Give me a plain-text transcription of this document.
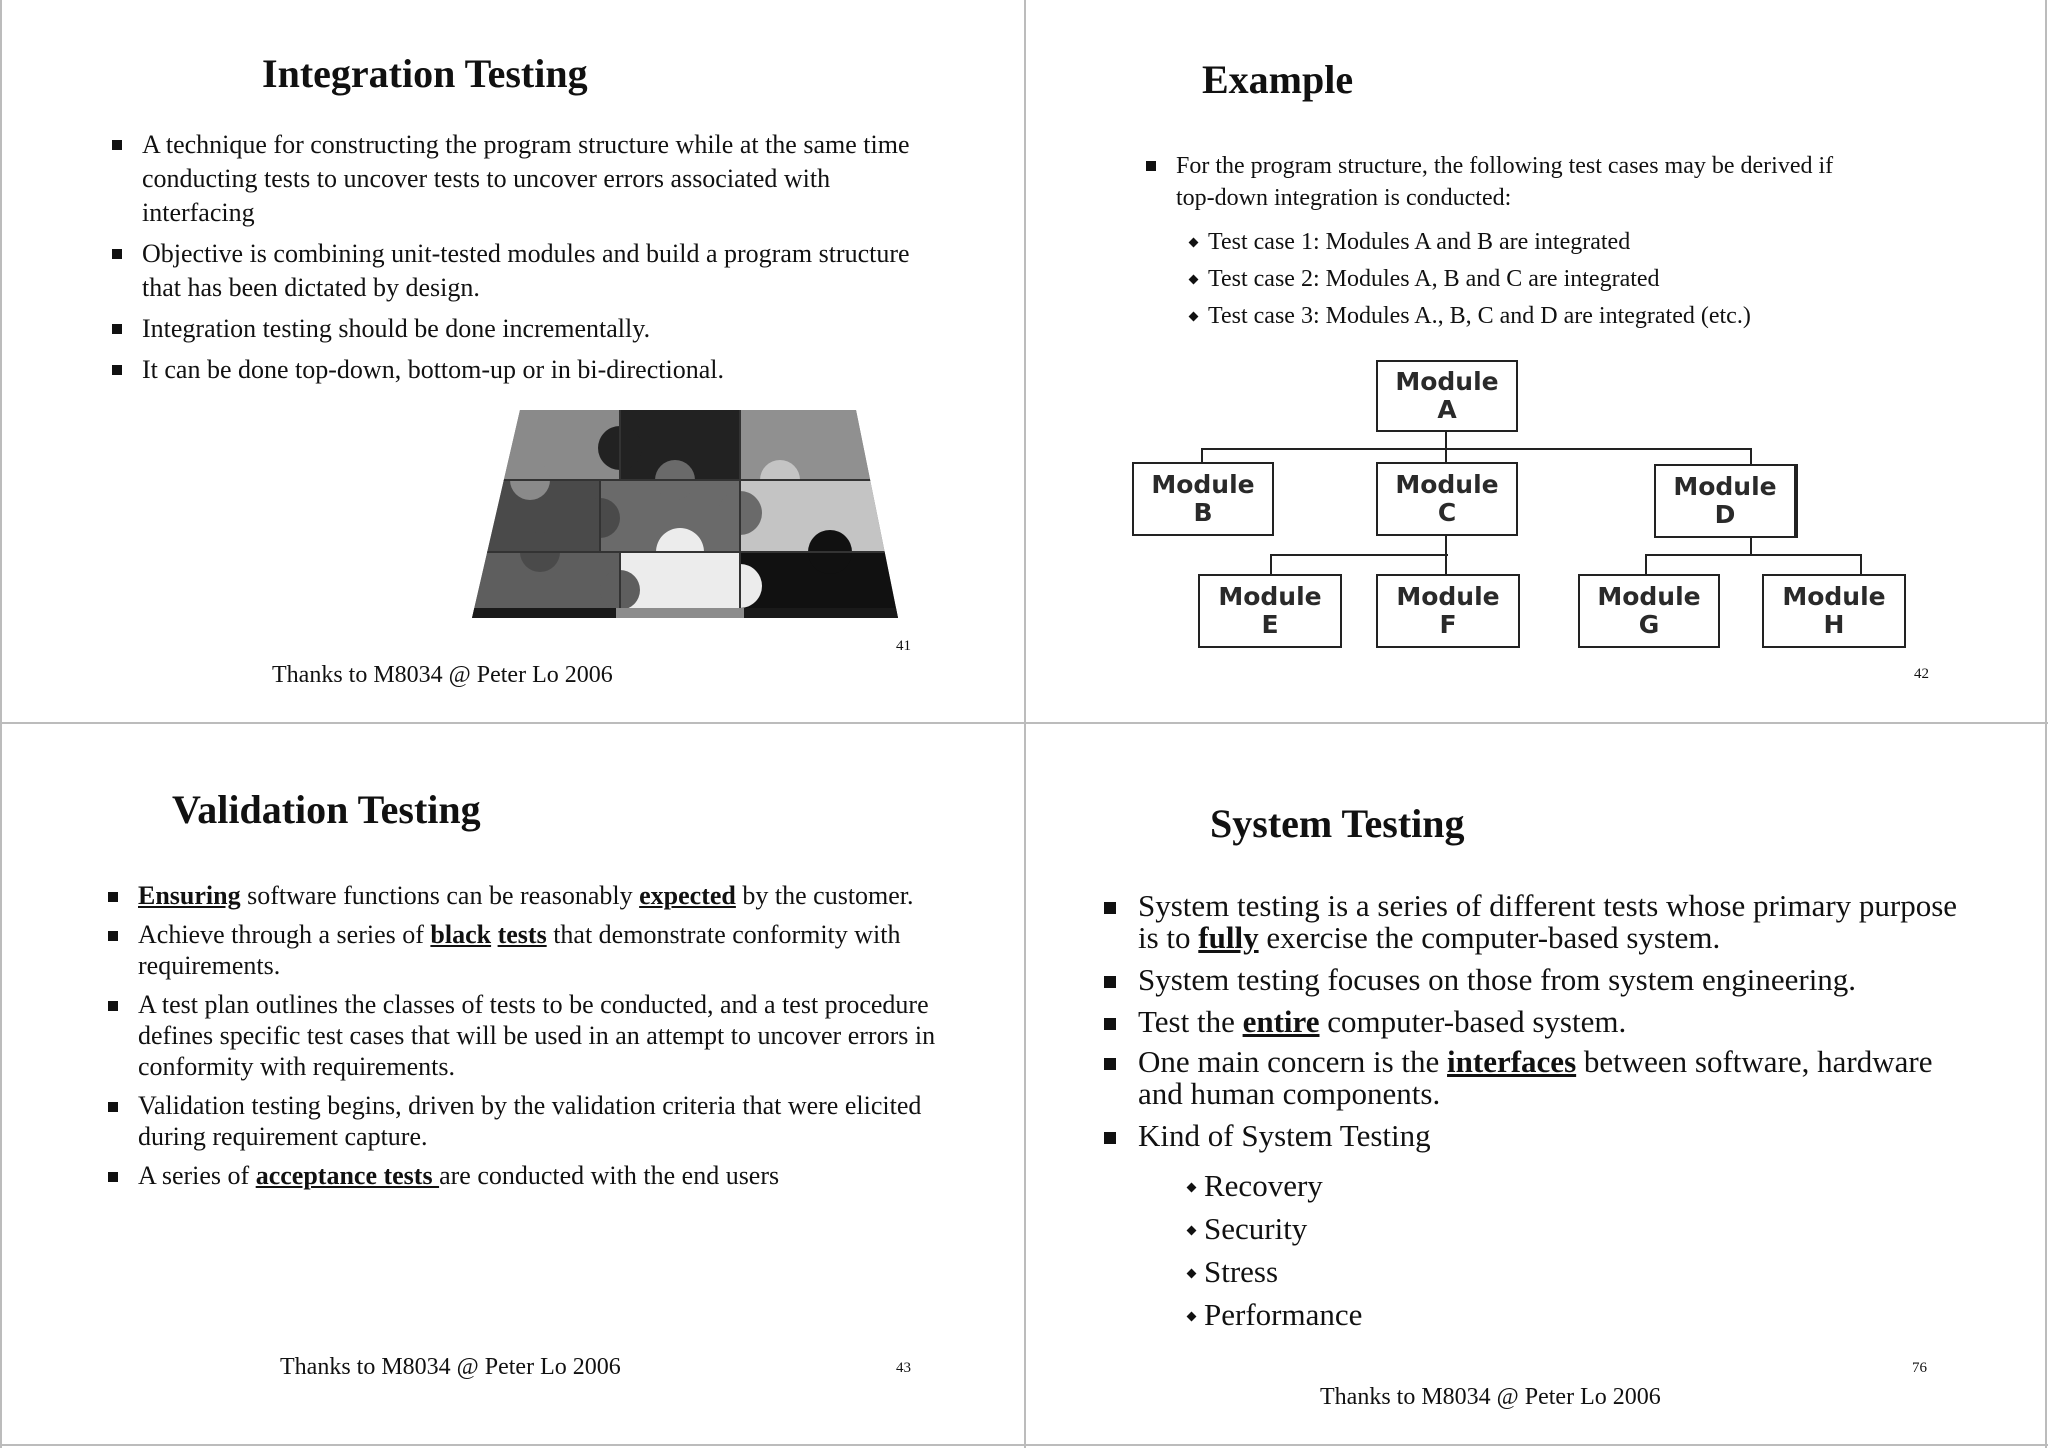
Integration Testing
A technique for constructing the program structure while at the same time conducting tests to uncover tests to uncover errors associated with interfacing
Objective is combining unit-tested modules and build a program structure that has been dictated by design.
Integration testing should be done incrementally.
It can be done top-down, bottom-up or in bi-directional.
41
Thanks to M8034 @ Peter Lo 2006
Example
For the program structure, the following test cases may be derived if top-down integration is conducted:
Test case 1: Modules A and B are integrated
Test case 2: Modules A, B and C are integrated
Test case 3: Modules A., B, C and D are integrated (etc.)
Module
A
Module
B
Module
C
Module
D
Module
E
Module
F
Module
G
Module
H
42
Validation Testing
Ensuring software functions can be reasonably expected by the customer.
Achieve through a series of black tests that demonstrate conformity with requirements.
A test plan outlines the classes of tests to be conducted, and a test procedure defines specific test cases that will be used in an attempt to uncover errors in conformity with requirements.
Validation testing begins, driven by the validation criteria that were elicited during requirement capture.
A series of acceptance tests are conducted with the end users
Thanks to M8034 @ Peter Lo 2006	43
System Testing
System testing is a series of different tests whose primary purpose is to fully exercise the computer-based system.
System testing focuses on those from system engineering.
Test the entire computer-based system.
One main concern is the interfaces between software, hardware and human components.
Kind of System Testing
Recovery
Security
Stress
Performance
76
Thanks to M8034 @ Peter Lo 2006
